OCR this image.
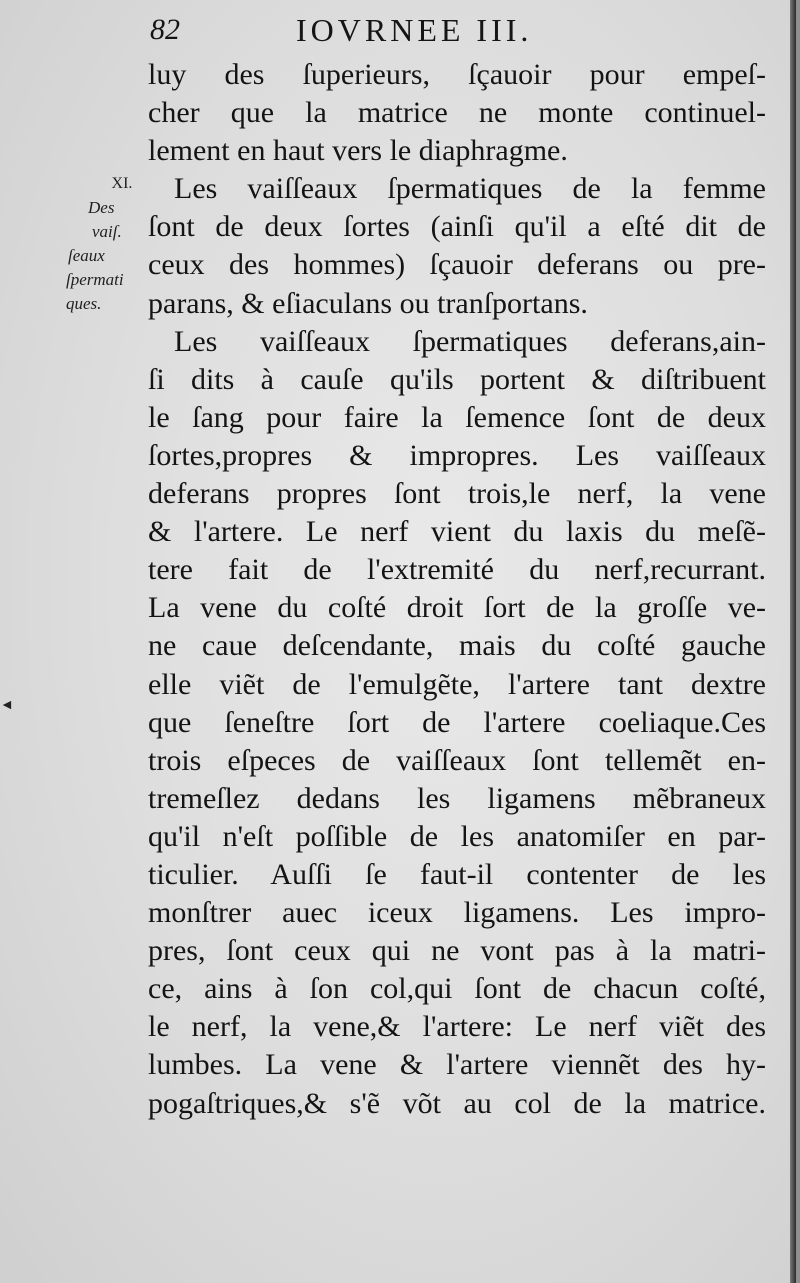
82	IOVRNEE III.
XI.
Des
vaiſ.
ſeaux
ſpermati
ques.
luy des ſuperieurs, ſçauoir pour empeſ-
cher que la matrice ne monte continuel-
lement en haut vers le diaphragme.
Les vaiſſeaux ſpermatiques de la femme
ſont de deux ſortes (ainſi qu'il a eſté dit de
ceux des hommes) ſçauoir deferans ou pre-
parans, & eſiaculans ou tranſportans.
Les vaiſſeaux ſpermatiques deferans,ain-
ſi dits à cauſe qu'ils portent & diſtribuent
le ſang pour faire la ſemence ſont de deux
ſortes,propres & impropres. Les vaiſſeaux
deferans propres ſont trois,le nerf, la vene
& l'artere. Le nerf vient du laxis du meſẽ-
tere fait de l'extremité du nerf,recurrant.
La vene du coſté droit ſort de la groſſe ve-
ne caue deſcendante, mais du coſté gauche
elle viẽt de l'emulgẽte, l'artere tant dextre
que ſeneſtre ſort de l'artere coeliaque.Ces
trois eſpeces de vaiſſeaux ſont tellemẽt en-
tremeſlez dedans les ligamens mẽbraneux
qu'il n'eſt poſſible de les anatomiſer en par-
ticulier. Auſſi ſe faut-il contenter de les
monſtrer auec iceux ligamens. Les impro-
pres, ſont ceux qui ne vont pas à la matri-
ce, ains à ſon col,qui ſont de chacun coſté,
le nerf, la vene,& l'artere: Le nerf viẽt des
lumbes. La vene & l'artere viennẽt des hy-
pogaſtriques,& s'ẽ võt au col de la matrice.
◄
